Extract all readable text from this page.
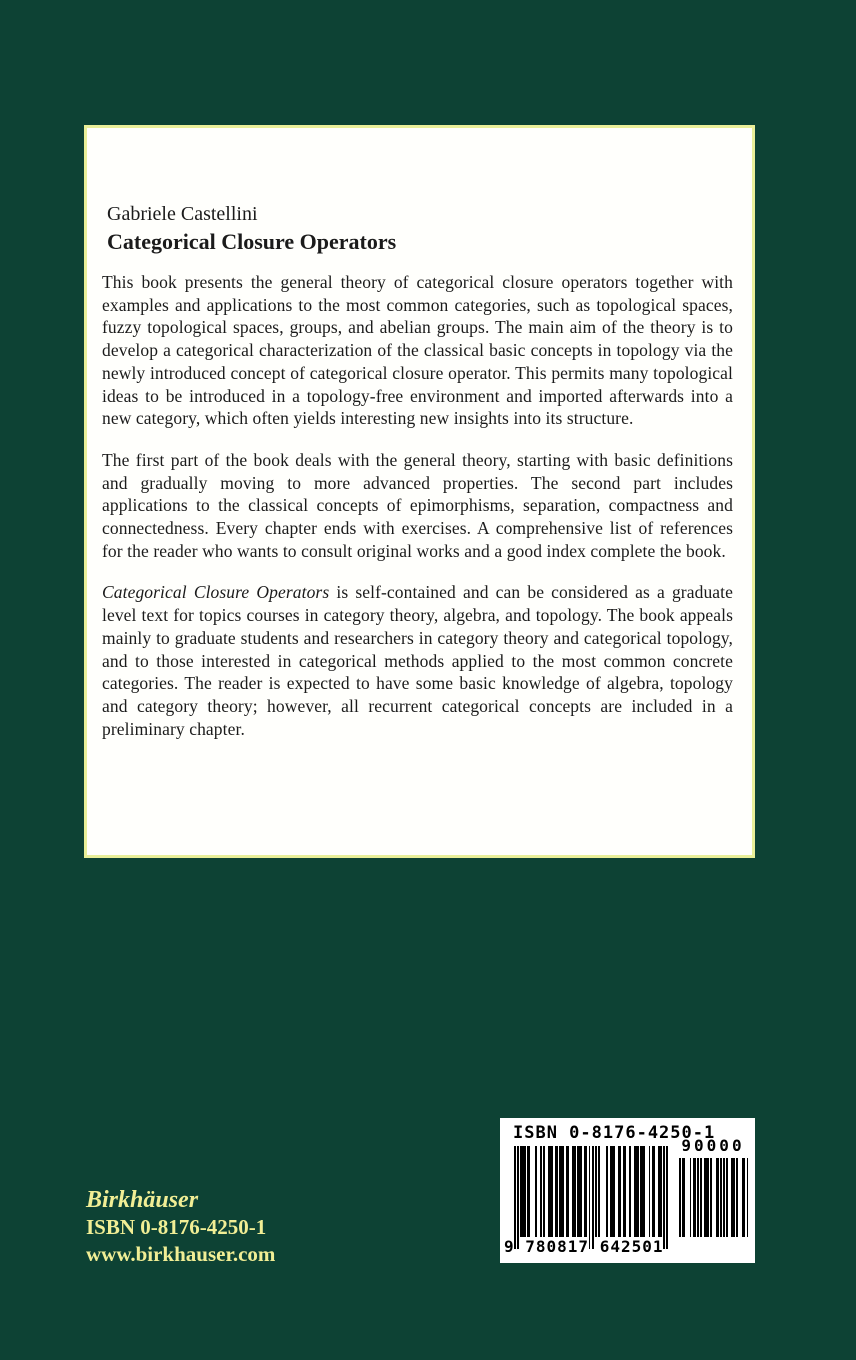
Gabriele Castellini
Categorical Closure Operators

This book presents the general theory of categorical closure operators together with examples and applications to the most common categories, such as topological spaces, fuzzy topological spaces, groups, and abelian groups. The main aim of the theory is to develop a categorical characterization of the classical basic concepts in topology via the newly introduced concept of categorical closure operator. This permits many topological ideas to be introduced in a topology-free environment and imported afterwards into a new category, which often yields interesting new insights into its structure.

The first part of the book deals with the general theory, starting with basic definitions and gradually moving to more advanced properties. The second part includes applications to the classical concepts of epimorphisms, separation, compactness and connectedness. Every chapter ends with exercises. A comprehensive list of references for the reader who wants to consult original works and a good index complete the book.

Categorical Closure Operators is self-contained and can be considered as a graduate level text for topics courses in category theory, algebra, and topology. The book appeals mainly to graduate students and researchers in category theory and categorical topology, and to those interested in categorical methods applied to the most common concrete categories. The reader is expected to have some basic knowledge of algebra, topology and category theory; however, all recurrent categorical concepts are included in a preliminary chapter.

Birkhäuser
ISBN 0-8176-4250-1
www.birkhauser.com
ISBN 0-8176-4250-1
9 780817 642501
90000
